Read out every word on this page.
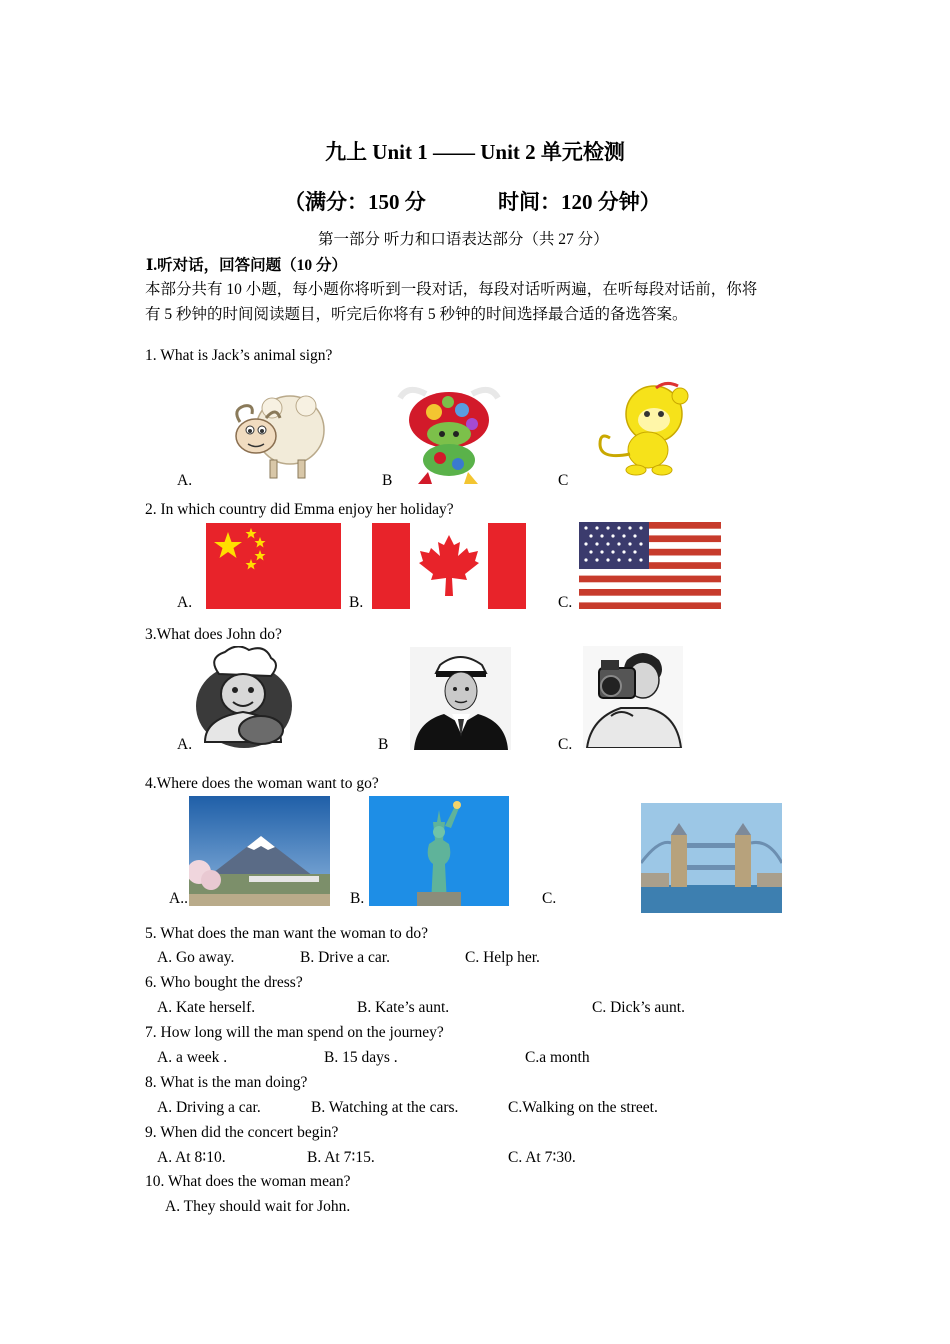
九上 Unit 1 —— Unit 2 单元检测
（满分：150 分	时间：120 分钟）
第一部分 听力和口语表达部分（共 27 分）
Ⅰ.听对话，回答问题（10 分）
本部分共有 10 小题，每小题你将听到一段对话，每段对话听两遍，在听每段对话前，你将
有 5 秒钟的时间阅读题目，听完后你将有 5 秒钟的时间选择最合适的备选答案。
1. What is Jack’s animal sign?
A.	B	C
2. In which country did Emma enjoy her holiday?
A.	B.	C.
3.What does John do?
A.	B	C.
4.Where does the woman want to go?
A..	B.	C.
5. What does the man want the woman to do?
A. Go away.	B. Drive a car.	C. Help her.
6. Who bought the dress?
A. Kate herself.	B. Kate’s aunt.	C. Dick’s aunt.
7. How long will the man spend on the journey?
A. a week .	B. 15 days .	C.a month
8. What is the man doing?
A. Driving a car.	B. Watching at the cars.	C.Walking on the street.
9. When did the concert begin?
A. At 8∶10.	B. At 7∶15.	C. At 7∶30.
10. What does the woman mean?
A. They should wait for John.
